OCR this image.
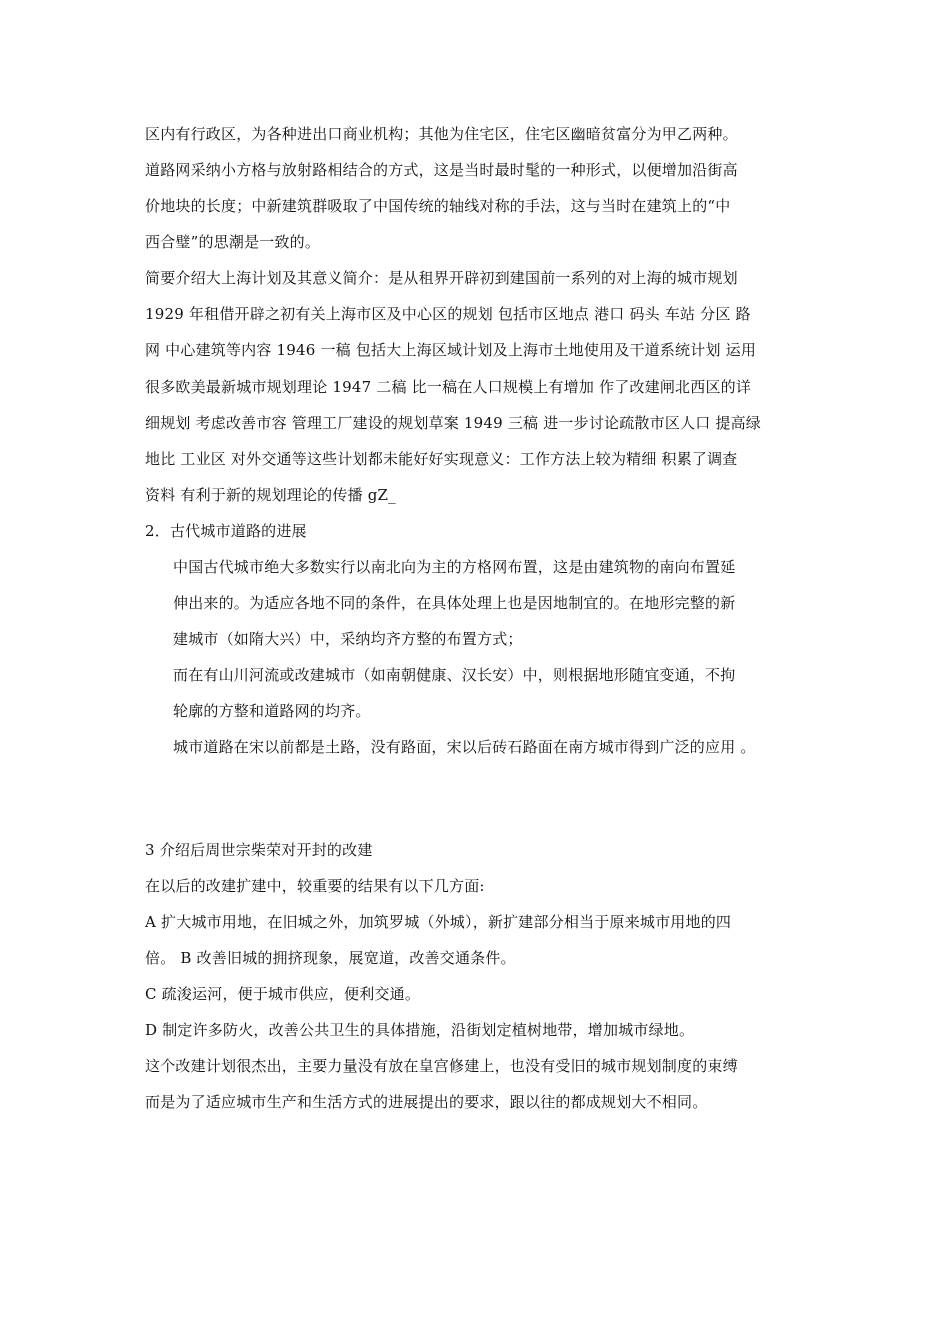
区内有行政区，为各种进出口商业机构；其他为住宅区，住宅区幽暗贫富分为甲乙两种。
道路网采纳小方格与放射路相结合的方式，这是当时最时髦的一种形式，以便增加沿街高
价地块的长度；中新建筑群吸取了中国传统的轴线对称的手法，这与当时在建筑上的“中
西合璧”的思潮是一致的。
简要介绍大上海计划及其意义简介：是从租界开辟初到建国前一系列的对上海的城市规划
1929 年租借开辟之初有关上海市区及中心区的规划 包括市区地点 港口 码头 车站 分区 路
网 中心建筑等内容 1946 一稿 包括大上海区域计划及上海市土地使用及干道系统计划 运用
很多欧美最新城市规划理论 1947 二稿 比一稿在人口规模上有增加 作了改建闸北西区的详
细规划 考虑改善市容 管理工厂建设的规划草案 1949 三稿 进一步讨论疏散市区人口 提高绿
地比 工业区 对外交通等这些计划都未能好好实现意义：工作方法上较为精细 积累了调查
资料 有利于新的规划理论的传播 gZ_
2．古代城市道路的进展
中国古代城市绝大多数实行以南北向为主的方格网布置，这是由建筑物的南向布置延
伸出来的。为适应各地不同的条件，在具体处理上也是因地制宜的。在地形完整的新
建城市（如隋大兴）中，采纳均齐方整的布置方式；
而在有山川河流或改建城市（如南朝健康、汉长安）中，则根据地形随宜变通，不拘
轮廓的方整和道路网的均齐。
城市道路在宋以前都是土路，没有路面，宋以后砖石路面在南方城市得到广泛的应用 。
3 介绍后周世宗柴荣对开封的改建
在以后的改建扩建中，较重要的结果有以下几方面:
A 扩大城市用地，在旧城之外，加筑罗城（外城），新扩建部分相当于原来城市用地的四
倍。 B 改善旧城的拥挤现象，展宽道，改善交通条件。
C 疏浚运河，便于城市供应，便利交通。
D 制定许多防火，改善公共卫生的具体措施，沿街划定植树地带，增加城市绿地。
这个改建计划很杰出，主要力量没有放在皇宫修建上，也没有受旧的城市规划制度的束缚
而是为了适应城市生产和生活方式的进展提出的要求，跟以往的都成规划大不相同。
